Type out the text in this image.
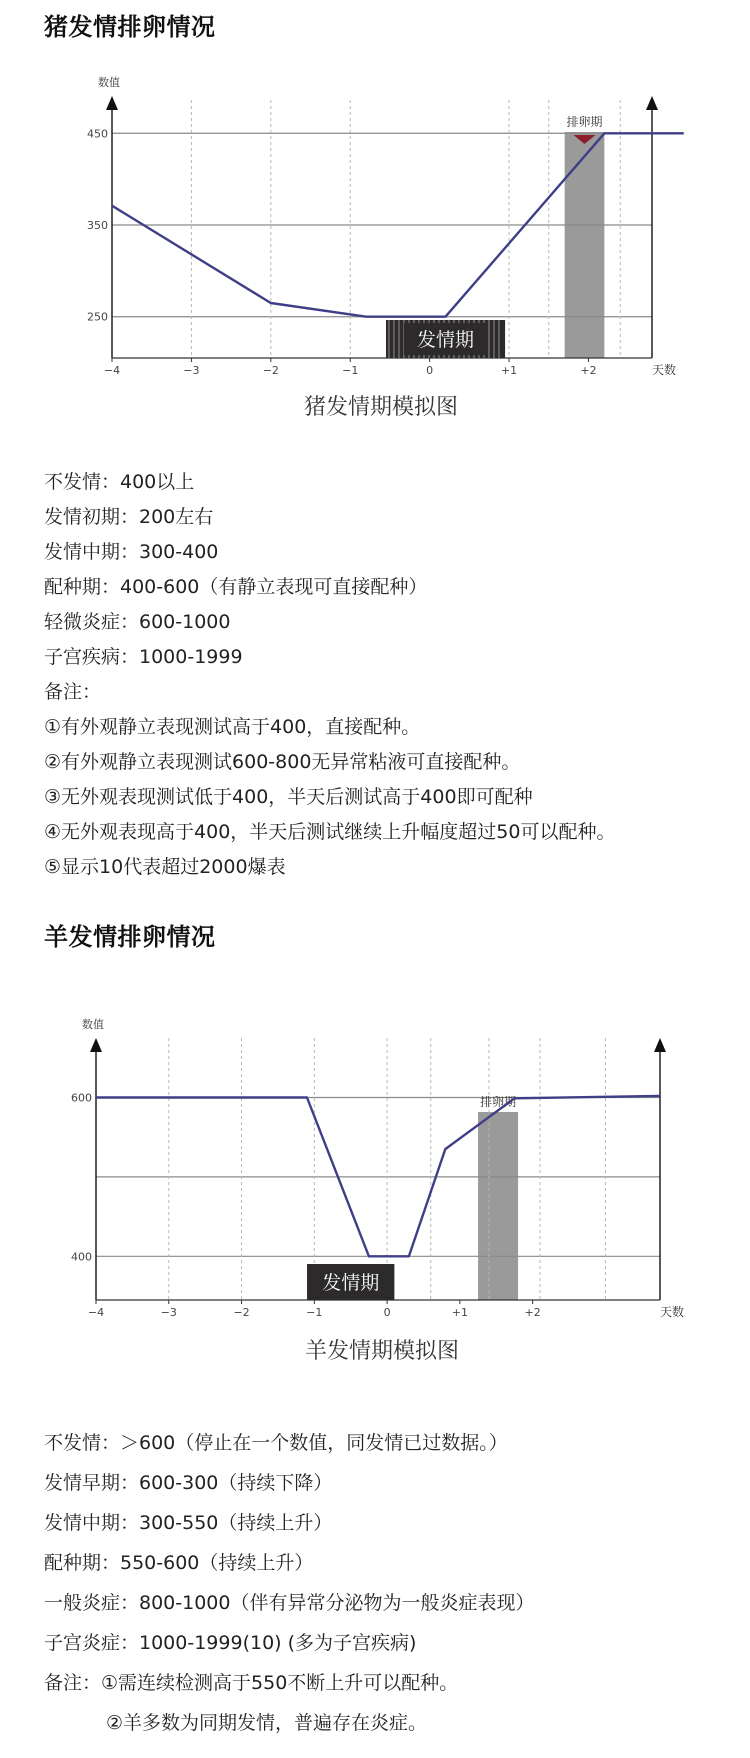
猪发情排卵情况
250
350
450
数值
天数
−4	−3	−2	−1	0	+1	+2
排卵期
发情期
猪发情期模拟图
不发情：400以上
发情初期：200左右
发情中期：300-400
配种期：400-600（有静立表现可直接配种）
轻微炎症：600-1000
子宫疾病：1000-1999
备注：
①有外观静立表现测试高于400，直接配种。
②有外观静立表现测试600-800无异常粘液可直接配种。
③无外观表现测试低于400，半天后测试高于400即可配种
④无外观表现高于400，半天后测试继续上升幅度超过50可以配种。
⑤显示10代表超过2000爆表
羊发情排卵情况
400
600
数值
天数
−4	−3	−2	−1	0	+1	+2
排卵期
发情期
羊发情期模拟图
不发情：＞600（停止在一个数值，同发情已过数据。）
发情早期：600-300（持续下降）
发情中期：300-550（持续上升）
配种期：550-600（持续上升）
一般炎症：800-1000（伴有异常分泌物为一般炎症表现）
子宫炎症：1000-1999(10) (多为子宫疾病)
备注：①需连续检测高于550不断上升可以配种。
②羊多数为同期发情，普遍存在炎症。
